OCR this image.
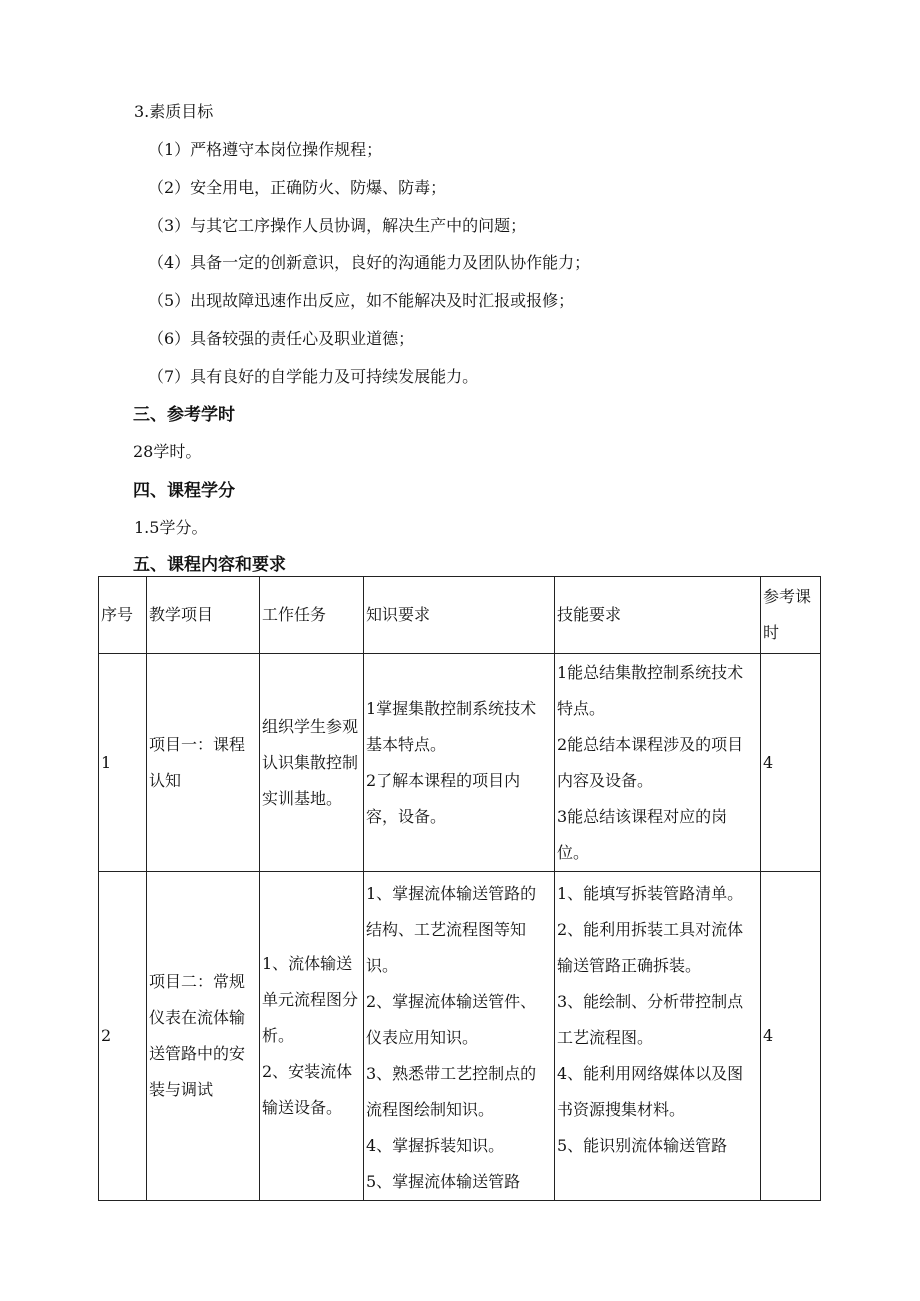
3.素质目标
（1）严格遵守本岗位操作规程；
（2）安全用电，正确防火、防爆、防毒；
（3）与其它工序操作人员协调，解决生产中的问题；
（4）具备一定的创新意识，良好的沟通能力及团队协作能力；
（5）出现故障迅速作出反应，如不能解决及时汇报或报修；
（6）具备较强的责任心及职业道德；
（7）具有良好的自学能力及可持续发展能力。
三、参考学时
28学时。
四、课程学分
1.5学分。
五、课程内容和要求
序号	教学项目	工作任务	知识要求	技能要求	参考课时

1	项目一：课程
认知	组织学生参观认识集散控制实训基地。	1掌握集散控制系统技术基本特点。
2了解本课程的项目内容，设备。	1能总结集散控制系统技术特点。
2能总结本课程涉及的项目内容及设备。
3能总结该课程对应的岗位。	4

2	项目二：常规仪表在流体输送管路中的安装与调试	1、流体输送单元流程图分析。
2、安装流体输送设备。	1、掌握流体输送管路的结构、工艺流程图等知识。
2、掌握流体输送管件、仪表应用知识。
3、熟悉带工艺控制点的流程图绘制知识。
4、掌握拆装知识。
5、掌握流体输送管路	1、能填写拆装管路清单。
2、能利用拆装工具对流体输送管路正确拆装。
3、能绘制、分析带控制点工艺流程图。
4、能利用网络媒体以及图书资源搜集材料。
5、能识别流体输送管路	4
